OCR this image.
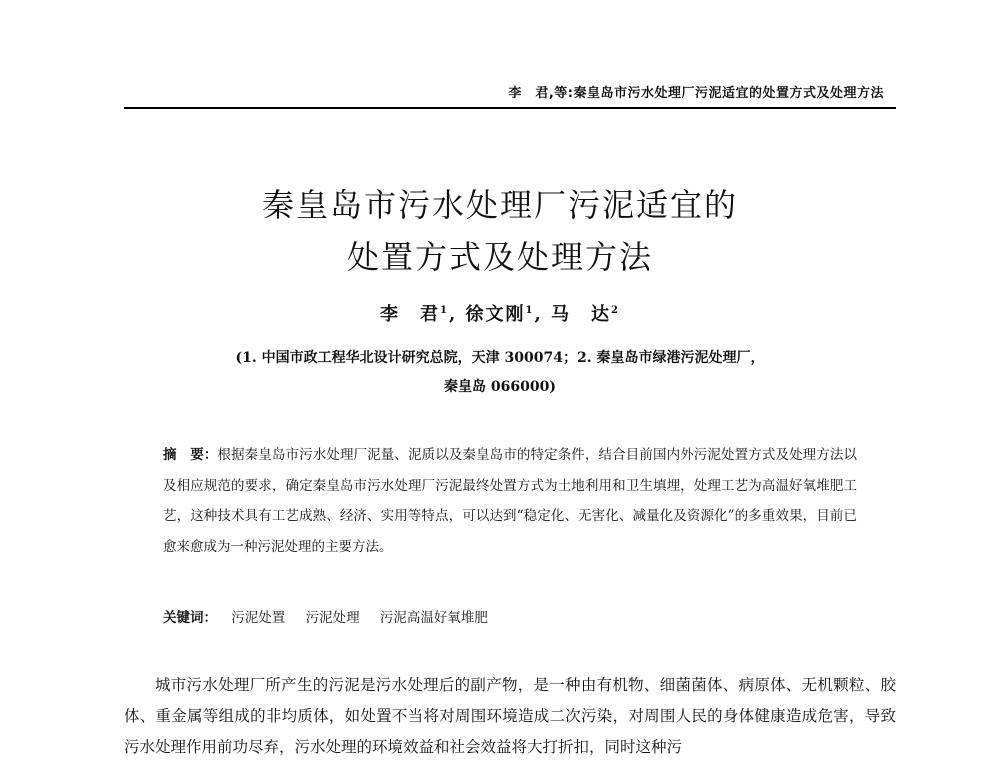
李　君,等:秦皇岛市污水处理厂污泥适宜的处置方式及处理方法
秦皇岛市污水处理厂污泥适宜的
处置方式及处理方法
李　君$^1$, 徐文刚$^1$, 马　达$^2$
(1. 中国市政工程华北设计研究总院，天津 300074；2. 秦皇岛市绿港污泥处理厂，
秦皇岛 066000)
摘　要：根据秦皇岛市污水处理厂泥量、泥质以及秦皇岛市的特定条件，结合目前国内外污泥处置方式及处理方法以及相应规范的要求，确定秦皇岛市污水处理厂污泥最终处置方式为土地利用和卫生填埋，处理工艺为高温好氧堆肥工艺，这种技术具有工艺成熟、经济、实用等特点，可以达到“稳定化、无害化、减量化及资源化”的多重效果，目前已愈来愈成为一种污泥处理的主要方法。
关键词： 污泥处置 污泥处理 污泥高温好氧堆肥
城市污水处理厂所产生的污泥是污水处理后的副产物，是一种由有机物、细菌菌体、病原体、无机颗粒、胶体、重金属等组成的非均质体，如处置不当将对周围环境造成二次污染，对周围人民的身体健康造成危害，导致污水处理作用前功尽弃，污水处理的环境效益和社会效益将大打折扣，同时这种污
